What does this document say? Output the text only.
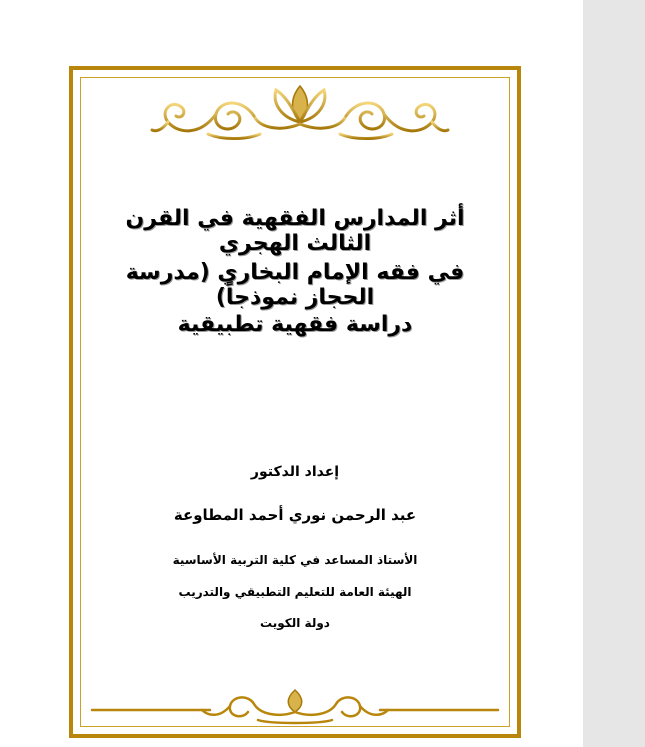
أثر المدارس الفقهية في القرن الثالث الهجري
في فقه الإمام البخاري (مدرسة الحجاز نموذجاً)
دراسة فقهية تطبيقية
إعداد الدكتور
عبد الرحمن نوري أحمد المطاوعة
الأستاذ المساعد في كلية التربية الأساسية
الهيئة العامة للتعليم التطبيقي والتدريب
دولة الكويت
